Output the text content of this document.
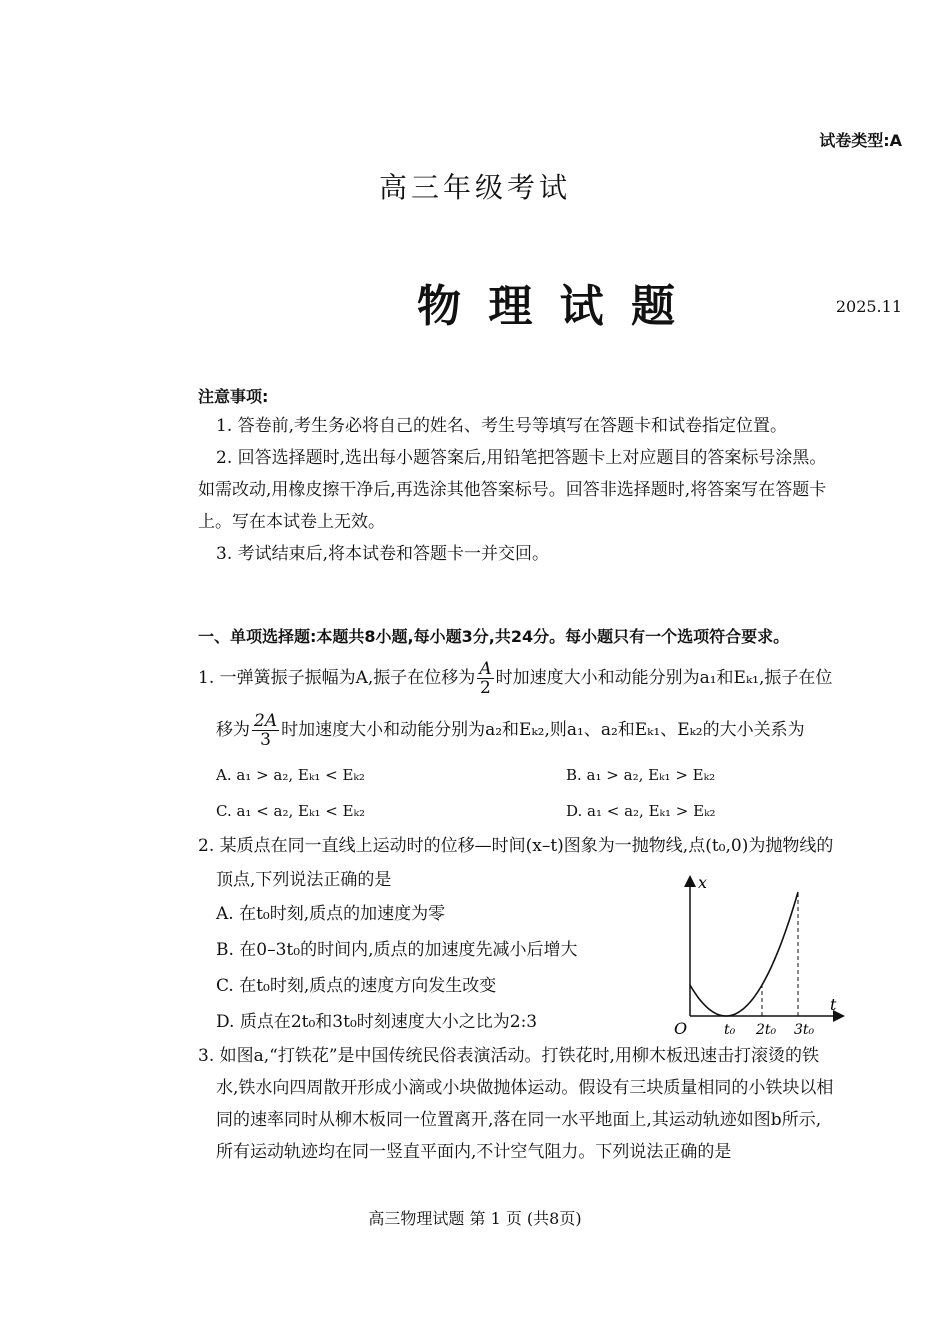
试卷类型:A
高三年级考试
物 理 试 题	2025.11
注意事项:
1. 答卷前,考生务必将自己的姓名、考生号等填写在答题卡和试卷指定位置。
2. 回答选择题时,选出每小题答案后,用铅笔把答题卡上对应题目的答案标号涂黑。
如需改动,用橡皮擦干净后,再选涂其他答案标号。回答非选择题时,将答案写在答题卡
上。写在本试卷上无效。
3. 考试结束后,将本试卷和答题卡一并交回。
一、单项选择题:本题共8小题,每小题3分,共24分。每小题只有一个选项符合要求。
1. 一弹簧振子振幅为A,振子在位移为 $\frac{A}{2}$ 时加速度大小和动能分别为a₁和Eₖ₁,振子在位
移为 $\frac{2A}{3}$ 时加速度大小和动能分别为a₂和Eₖ₂,则a₁、a₂和Eₖ₁、Eₖ₂的大小关系为
A. a₁ > a₂, Eₖ₁ < Eₖ₂	B. a₁ > a₂, Eₖ₁ > Eₖ₂
C. a₁ < a₂, Eₖ₁ < Eₖ₂	D. a₁ < a₂, Eₖ₁ > Eₖ₂
2. 某质点在同一直线上运动时的位移—时间(x–t)图象为一抛物线,点(t₀,0)为抛物线的
顶点,下列说法正确的是
A. 在t₀时刻,质点的加速度为零
B. 在0–3t₀的时间内,质点的加速度先减小后增大
C. 在t₀时刻,质点的速度方向发生改变
D. 质点在2t₀和3t₀时刻速度大小之比为2:3
x
t
O	t₀ 2t₀ 3t₀
3. 如图a,“打铁花”是中国传统民俗表演活动。打铁花时,用柳木板迅速击打滚烫的铁
水,铁水向四周散开形成小滴或小块做抛体运动。假设有三块质量相同的小铁块以相
同的速率同时从柳木板同一位置离开,落在同一水平地面上,其运动轨迹如图b所示,
所有运动轨迹均在同一竖直平面内,不计空气阻力。下列说法正确的是
高三物理试题 第 1 页 (共8页)
